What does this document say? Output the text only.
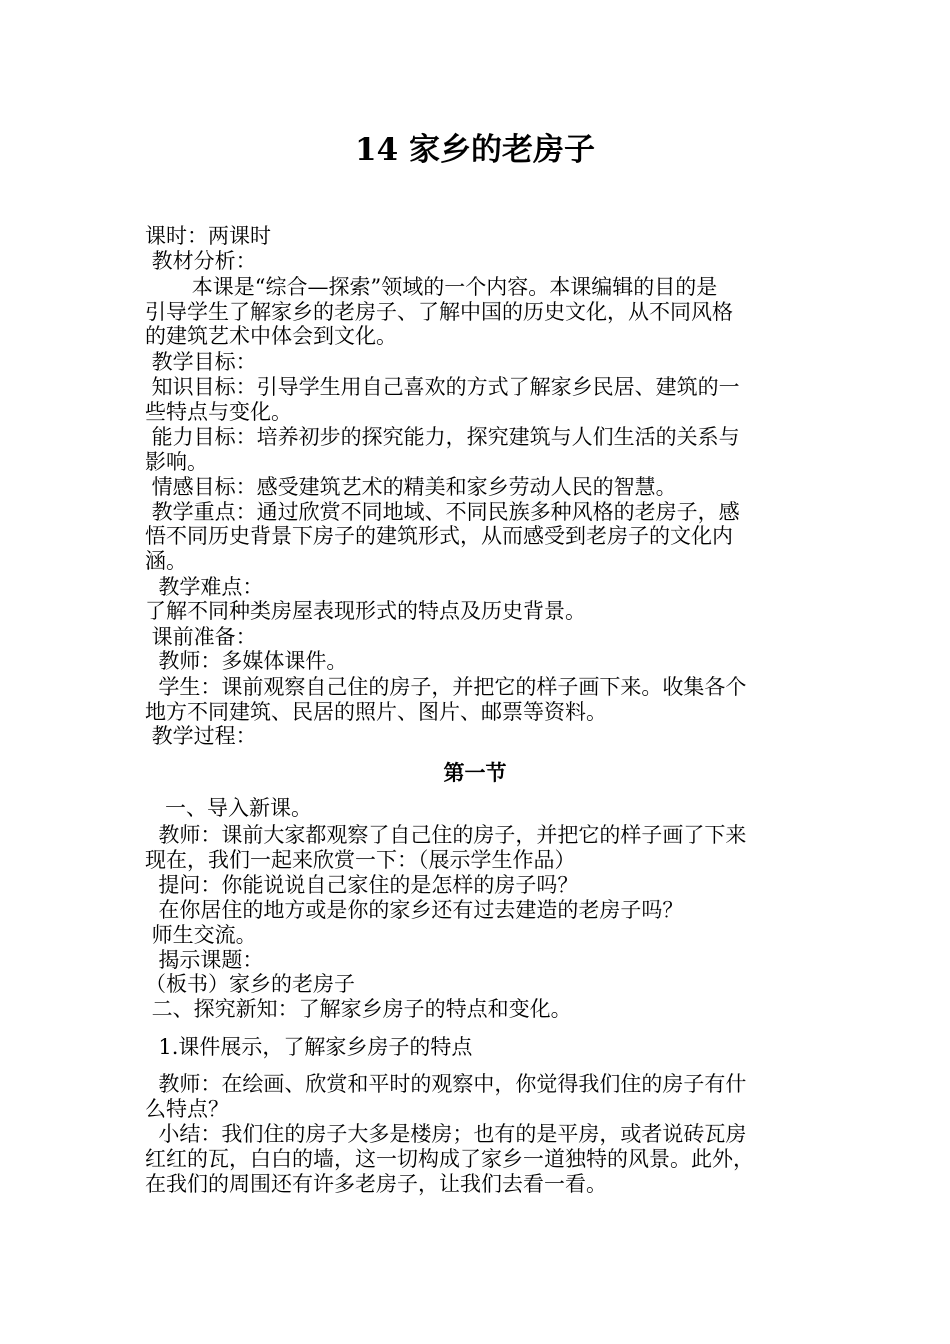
14 家乡的老房子
第一节
课时：两课时
教材分析：
本课是“综合—探索”领域的一个内容。本课编辑的目的是
引导学生了解家乡的老房子、了解中国的历史文化，从不同风格
的建筑艺术中体会到文化。
教学目标：
知识目标：引导学生用自己喜欢的方式了解家乡民居、建筑的一
些特点与变化。
能力目标：培养初步的探究能力，探究建筑与人们生活的关系与
影响。
情感目标：感受建筑艺术的精美和家乡劳动人民的智慧。
教学重点：通过欣赏不同地域、不同民族多种风格的老房子，感
悟不同历史背景下房子的建筑形式，从而感受到老房子的文化内
涵。
教学难点：
了解不同种类房屋表现形式的特点及历史背景。
课前准备：
教师：多媒体课件。
学生：课前观察自己住的房子，并把它的样子画下来。收集各个
地方不同建筑、民居的照片、图片、邮票等资料。
教学过程：
一、导入新课。
教师：课前大家都观察了自己住的房子，并把它的样子画了下来
现在，我们一起来欣赏一下：（展示学生作品）
提问：你能说说自己家住的是怎样的房子吗？
在你居住的地方或是你的家乡还有过去建造的老房子吗？
师生交流。
揭示课题：
（板书）家乡的老房子
二、探究新知：了解家乡房子的特点和变化。
1.课件展示，了解家乡房子的特点
教师：在绘画、欣赏和平时的观察中，你觉得我们住的房子有什
么特点？
小结：我们住的房子大多是楼房；也有的是平房，或者说砖瓦房
红红的瓦，白白的墙，这一切构成了家乡一道独特的风景。此外，
在我们的周围还有许多老房子，让我们去看一看。
